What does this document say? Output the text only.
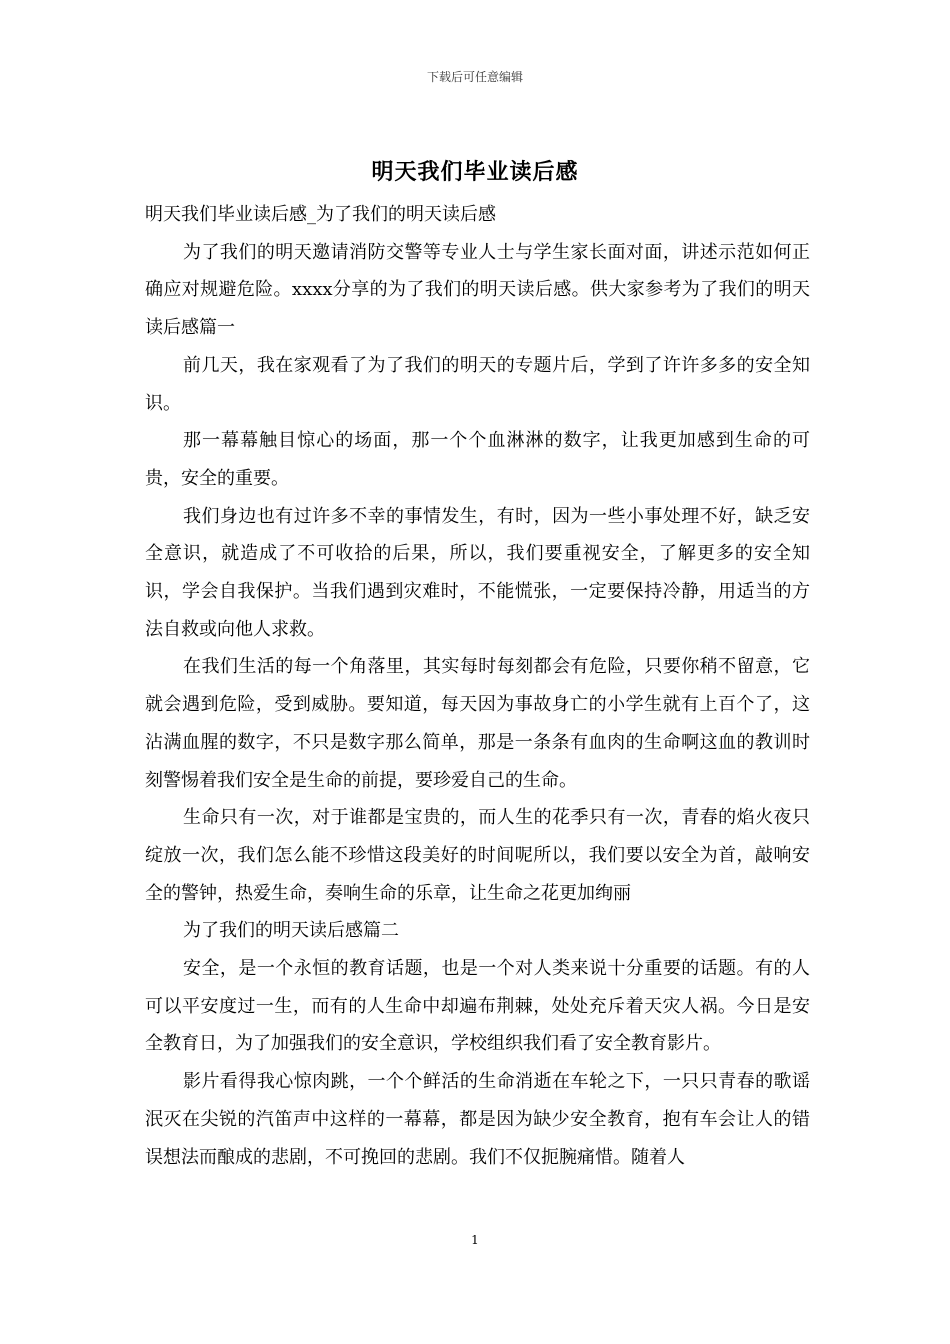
下载后可任意编辑
明天我们毕业读后感

明天我们毕业读后感_为了我们的明天读后感

为了我们的明天邀请消防交警等专业人士与学生家长面对面，讲述示范如何正确应对规避危险。xxxx分享的为了我们的明天读后感。供大家参考为了我们的明天读后感篇一

前几天，我在家观看了为了我们的明天的专题片后，学到了许许多多的安全知识。

那一幕幕触目惊心的场面，那一个个血淋淋的数字，让我更加感到生命的可贵，安全的重要。

我们身边也有过许多不幸的事情发生，有时，因为一些小事处理不好，缺乏安全意识，就造成了不可收拾的后果，所以，我们要重视安全，了解更多的安全知识，学会自我保护。当我们遇到灾难时，不能慌张，一定要保持冷静，用适当的方法自救或向他人求救。

在我们生活的每一个角落里，其实每时每刻都会有危险，只要你稍不留意，它就会遇到危险，受到威胁。要知道，每天因为事故身亡的小学生就有上百个了，这沾满血腥的数字，不只是数字那么简单，那是一条条有血肉的生命啊这血的教训时刻警惕着我们安全是生命的前提，要珍爱自己的生命。

生命只有一次，对于谁都是宝贵的，而人生的花季只有一次，青春的焰火夜只绽放一次，我们怎么能不珍惜这段美好的时间呢所以，我们要以安全为首，敲响安全的警钟，热爱生命，奏响生命的乐章，让生命之花更加绚丽

为了我们的明天读后感篇二

安全，是一个永恒的教育话题，也是一个对人类来说十分重要的话题。有的人可以平安度过一生，而有的人生命中却遍布荆棘，处处充斥着天灾人祸。今日是安全教育日，为了加强我们的安全意识，学校组织我们看了安全教育影片。

影片看得我心惊肉跳，一个个鲜活的生命消逝在车轮之下，一只只青春的歌谣泯灭在尖锐的汽笛声中这样的一幕幕，都是因为缺少安全教育，抱有车会让人的错误想法而酿成的悲剧，不可挽回的悲剧。我们不仅扼腕痛惜。随着人

1
